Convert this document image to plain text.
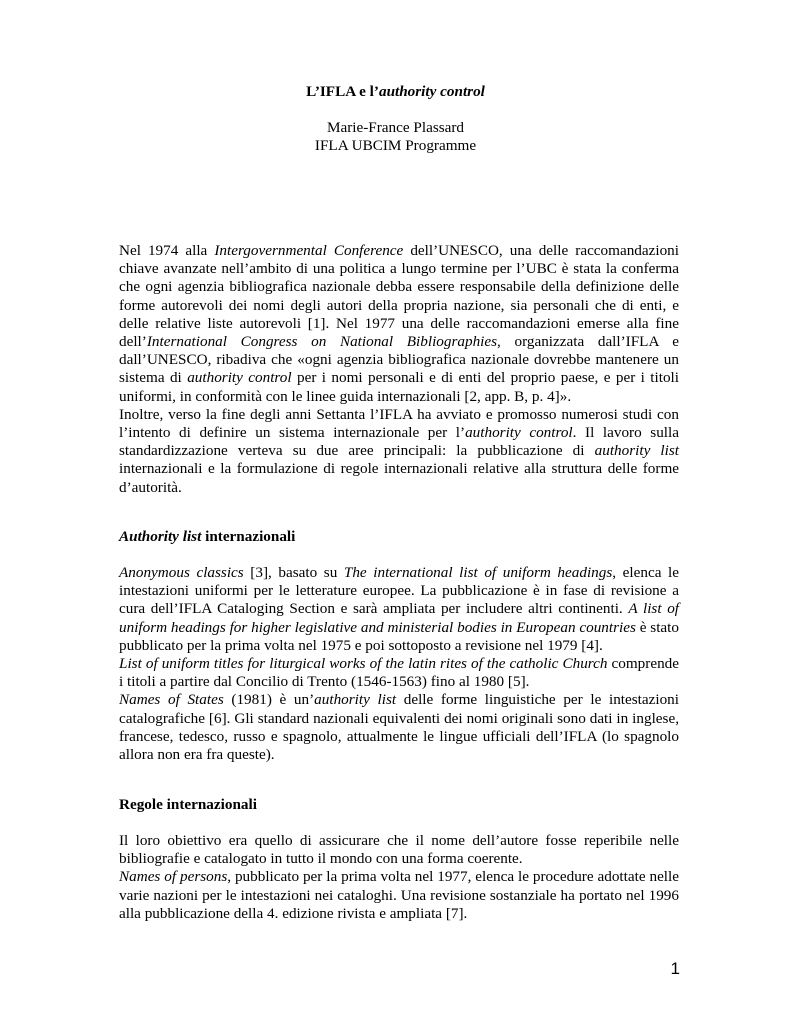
L’IFLA e l’authority control
Marie-France Plassard
IFLA UBCIM Programme

Nel 1974 alla Intergovernmental Conference dell’UNESCO, una delle raccomandazioni chiave avanzate nell’ambito di una politica a lungo termine per l’UBC è stata la conferma che ogni agenzia bibliografica nazionale debba essere responsabile della definizione delle forme autorevoli dei nomi degli autori della propria nazione, sia personali che di enti, e delle relative liste autorevoli [1]. Nel 1977 una delle raccomandazioni emerse alla fine dell’International Congress on National Bibliographies, organizzata dall’IFLA e dall’UNESCO, ribadiva che «ogni agenzia bibliografica nazionale dovrebbe mantenere un sistema di authority control per i nomi personali e di enti del proprio paese, e per i titoli uniformi, in conformità con le linee guida internazionali [2, app. B, p. 4]».

Inoltre, verso la fine degli anni Settanta l’IFLA ha avviato e promosso numerosi studi con l’intento di definire un sistema internazionale per l’authority control. Il lavoro sulla standardizzazione verteva su due aree principali: la pubblicazione di authority list internazionali e la formulazione di regole internazionali relative alla struttura delle forme d’autorità.

Authority list internazionali

Anonymous classics [3], basato su The international list of uniform headings, elenca le intestazioni uniformi per le letterature europee. La pubblicazione è in fase di revisione a cura dell’IFLA Cataloging Section e sarà ampliata per includere altri continenti. A list of uniform headings for higher legislative and ministerial bodies in European countries è stato pubblicato per la prima volta nel 1975 e poi sottoposto a revisione nel 1979 [4].

List of uniform titles for liturgical works of the latin rites of the catholic Church comprende i titoli a partire dal Concilio di Trento (1546-1563) fino al 1980 [5].

Names of States (1981) è un’authority list delle forme linguistiche per le intestazioni catalografiche [6]. Gli standard nazionali equivalenti dei nomi originali sono dati in inglese, francese, tedesco, russo e spagnolo, attualmente le lingue ufficiali dell’IFLA (lo spagnolo allora non era fra queste).

Regole internazionali

Il loro obiettivo era quello di assicurare che il nome dell’autore fosse reperibile nelle bibliografie e catalogato in tutto il mondo con una forma coerente.

Names of persons, pubblicato per la prima volta nel 1977, elenca le procedure adottate nelle varie nazioni per le intestazioni nei cataloghi. Una revisione sostanziale ha portato nel 1996 alla pubblicazione della 4. edizione rivista e ampliata [7].

1
